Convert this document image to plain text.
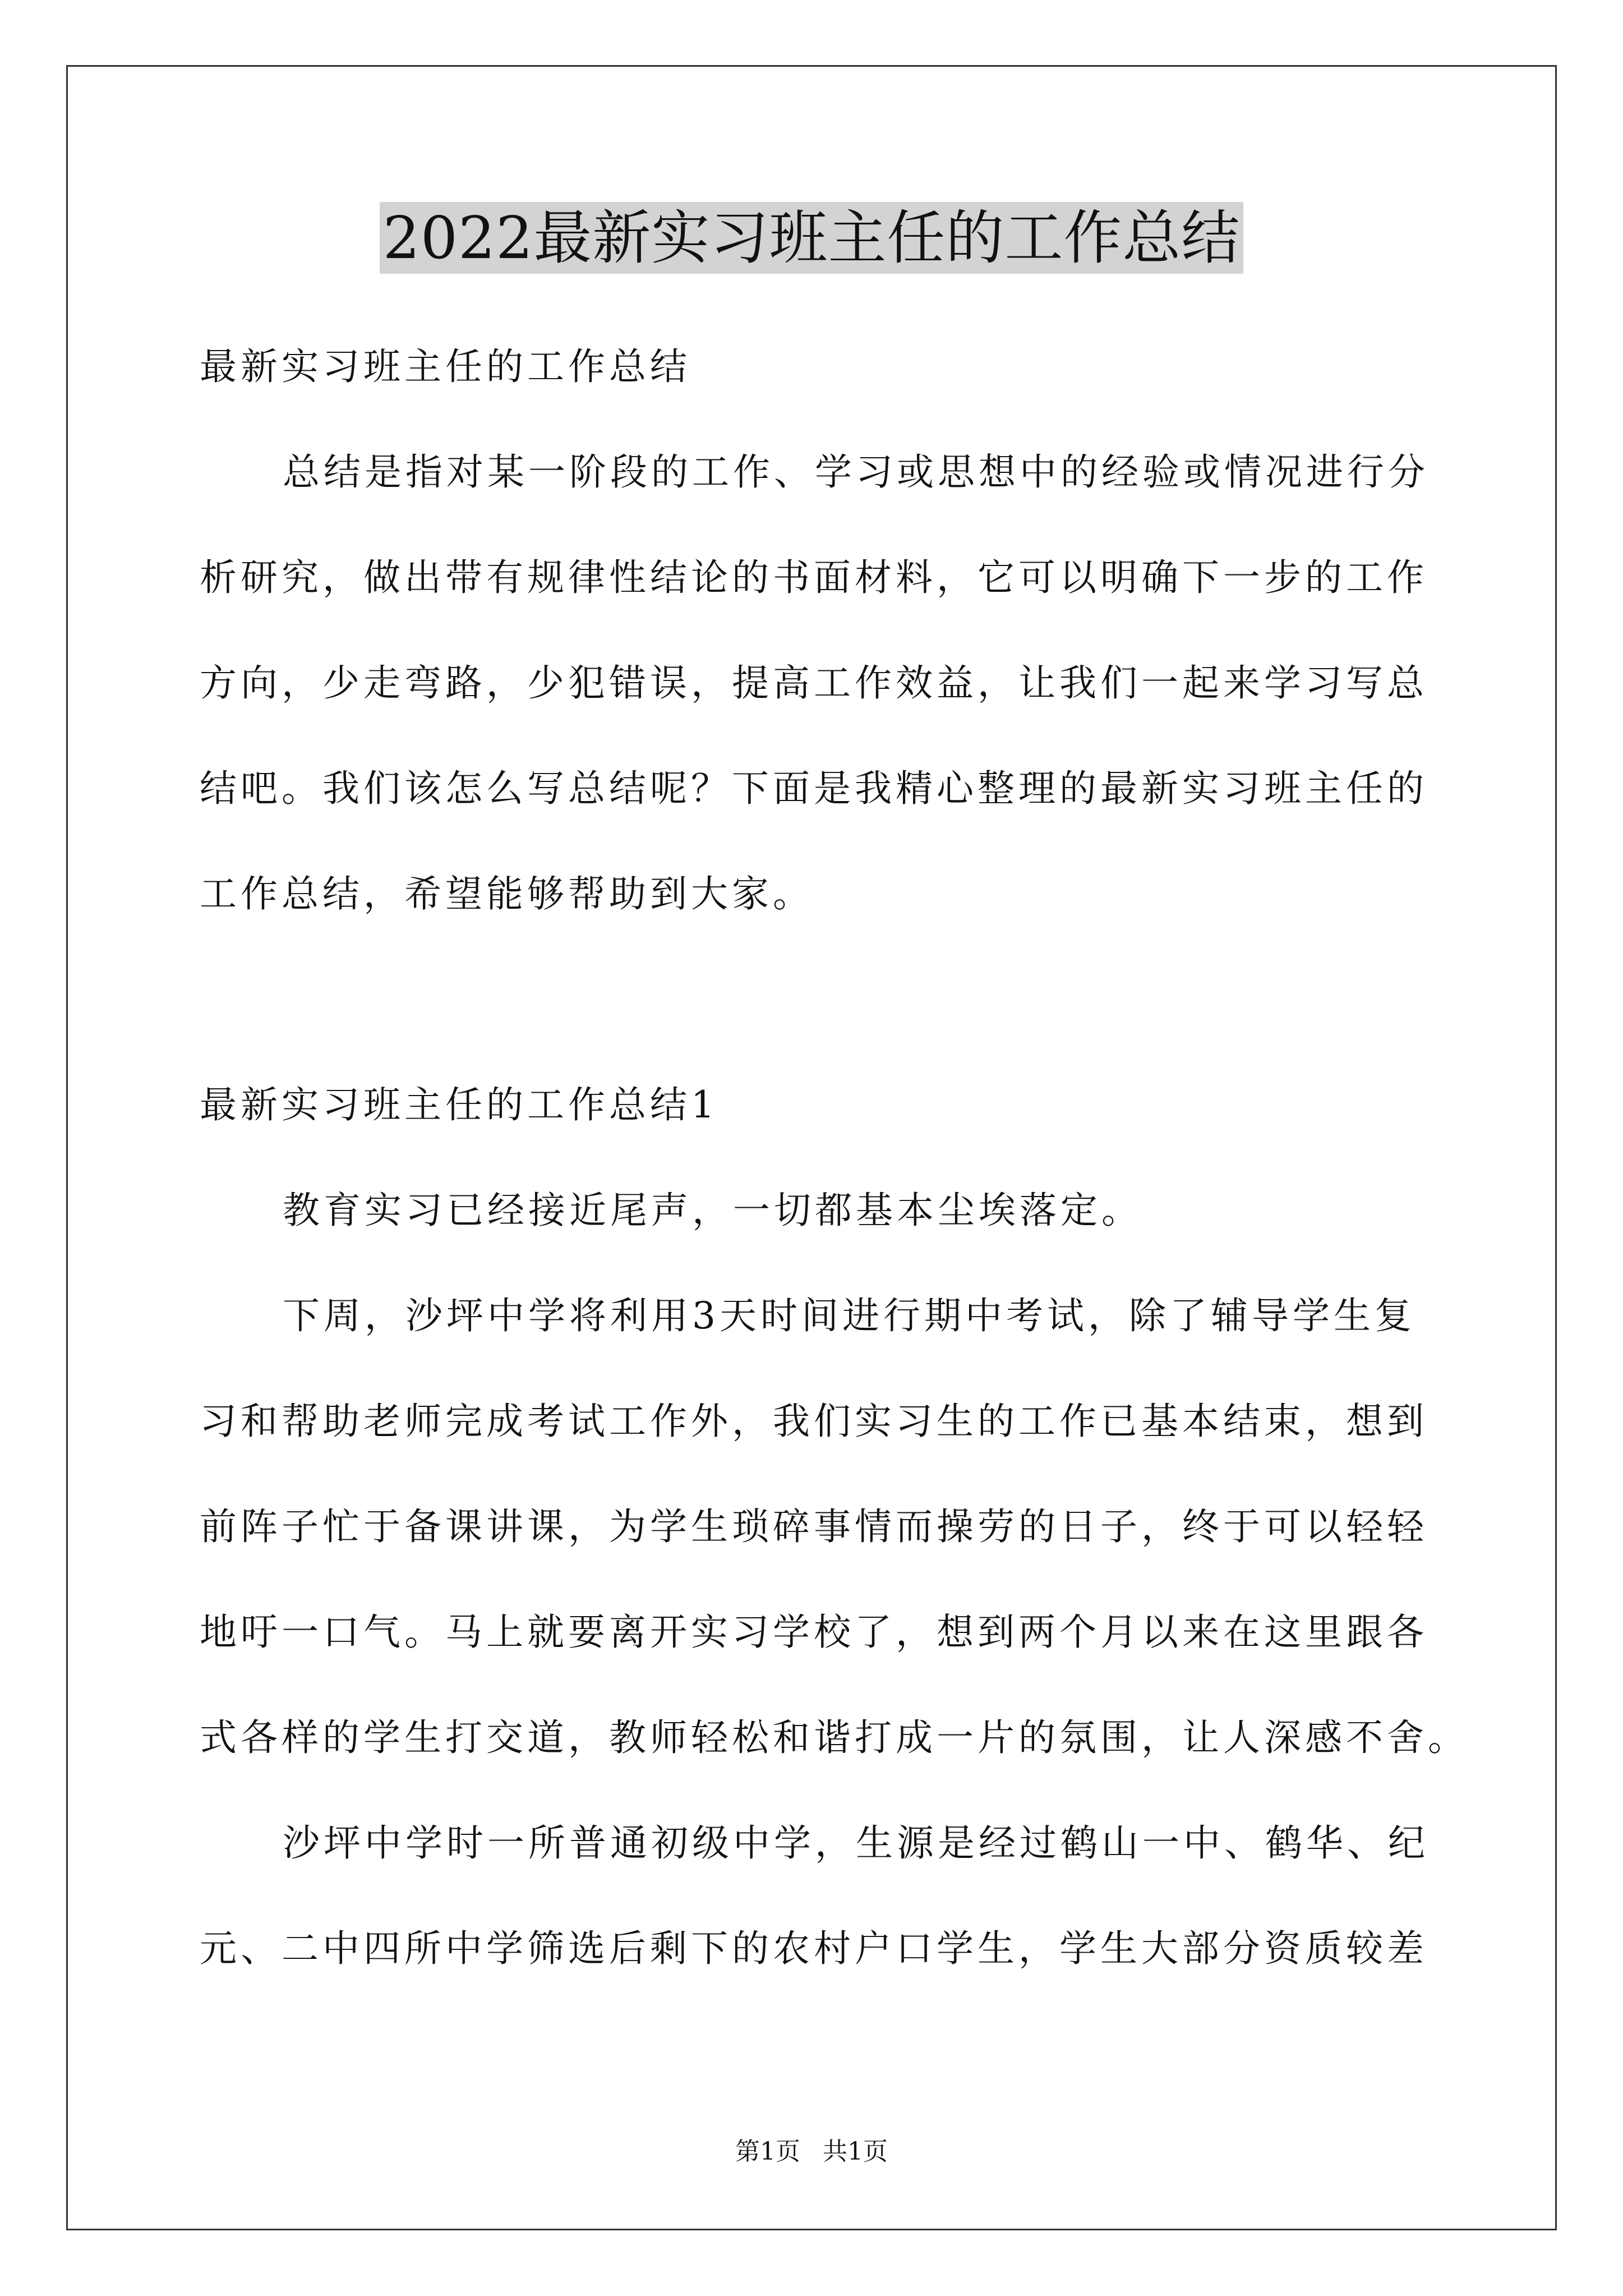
2022最新实习班主任的工作总结
最新实习班主任的工作总结
总结是指对某一阶段的工作、学习或思想中的经验或情况进行分
析研究，做出带有规律性结论的书面材料，它可以明确下一步的工作
方向，少走弯路，少犯错误，提高工作效益，让我们一起来学习写总
结吧。我们该怎么写总结呢？下面是我精心整理的最新实习班主任的
工作总结，希望能够帮助到大家。
最新实习班主任的工作总结1
教育实习已经接近尾声，一切都基本尘埃落定。
下周，沙坪中学将利用3天时间进行期中考试，除了辅导学生复
习和帮助老师完成考试工作外，我们实习生的工作已基本结束，想到
前阵子忙于备课讲课，为学生琐碎事情而操劳的日子，终于可以轻轻
地吁一口气。马上就要离开实习学校了，想到两个月以来在这里跟各
式各样的学生打交道，教师轻松和谐打成一片的氛围，让人深感不舍。
沙坪中学时一所普通初级中学，生源是经过鹤山一中、鹤华、纪
元、二中四所中学筛选后剩下的农村户口学生，学生大部分资质较差
第1页 共1页
